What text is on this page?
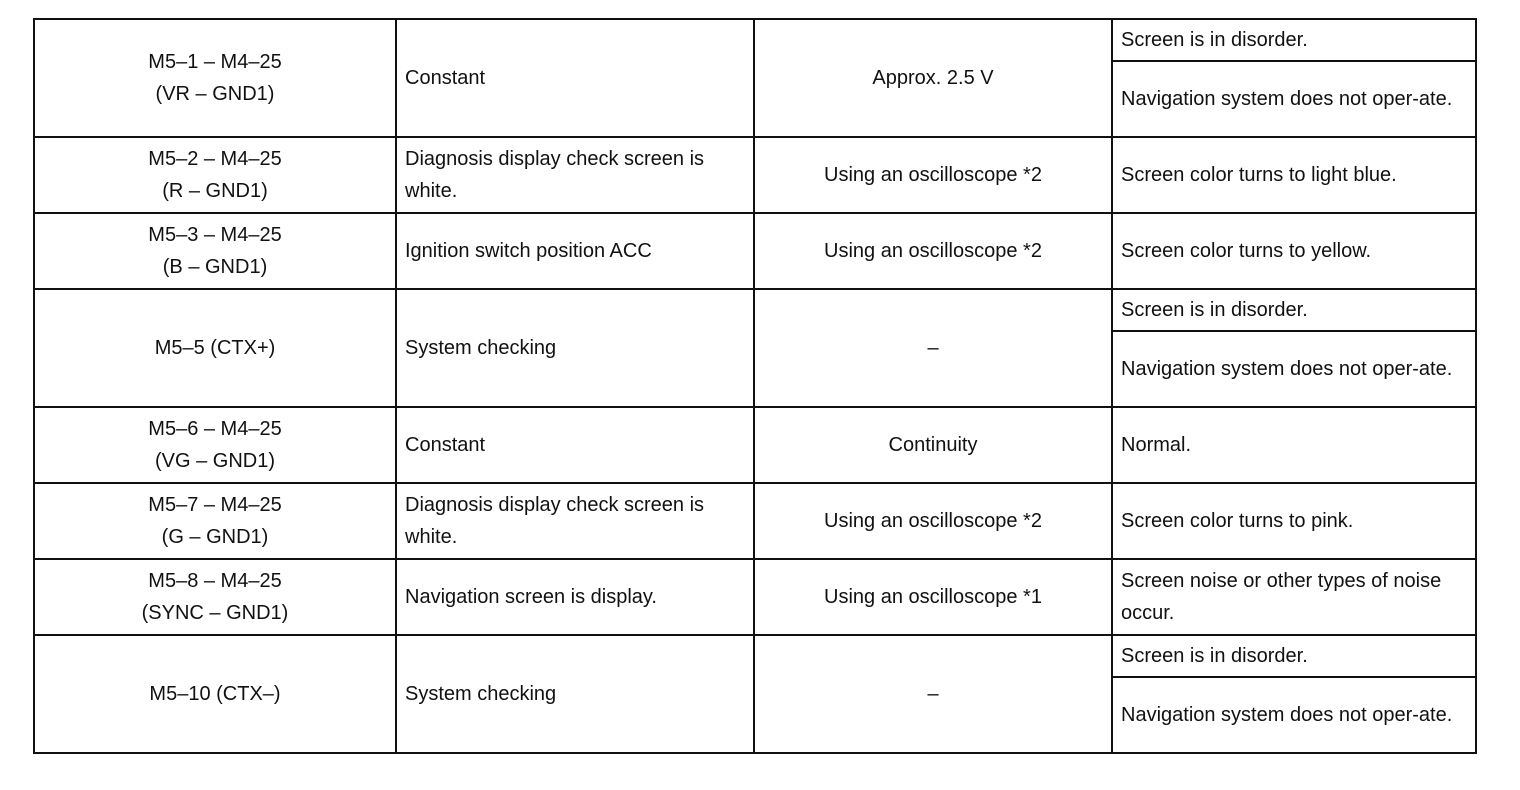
M5–1 – M4–25
(VR – GND1)	Constant	Approx. 2.5 V	Screen is in disorder.
			Navigation system does not oper-ate.

M5–2 – M4–25
(R – GND1)	Diagnosis display check screen is white.	Using an oscilloscope *2	Screen color turns to light blue.

M5–3 – M4–25
(B – GND1)	Ignition switch position ACC	Using an oscilloscope *2	Screen color turns to yellow.

M5–5 (CTX+)	System checking	–	Screen is in disorder.
			Navigation system does not oper-ate.

M5–6 – M4–25
(VG – GND1)	Constant	Continuity	Normal.

M5–7 – M4–25
(G – GND1)	Diagnosis display check screen is white.	Using an oscilloscope *2	Screen color turns to pink.

M5–8 – M4–25
(SYNC – GND1)	Navigation screen is display.	Using an oscilloscope *1	Screen noise or other types of noise occur.

M5–10 (CTX–)	System checking	–	Screen is in disorder.
			Navigation system does not oper-ate.
